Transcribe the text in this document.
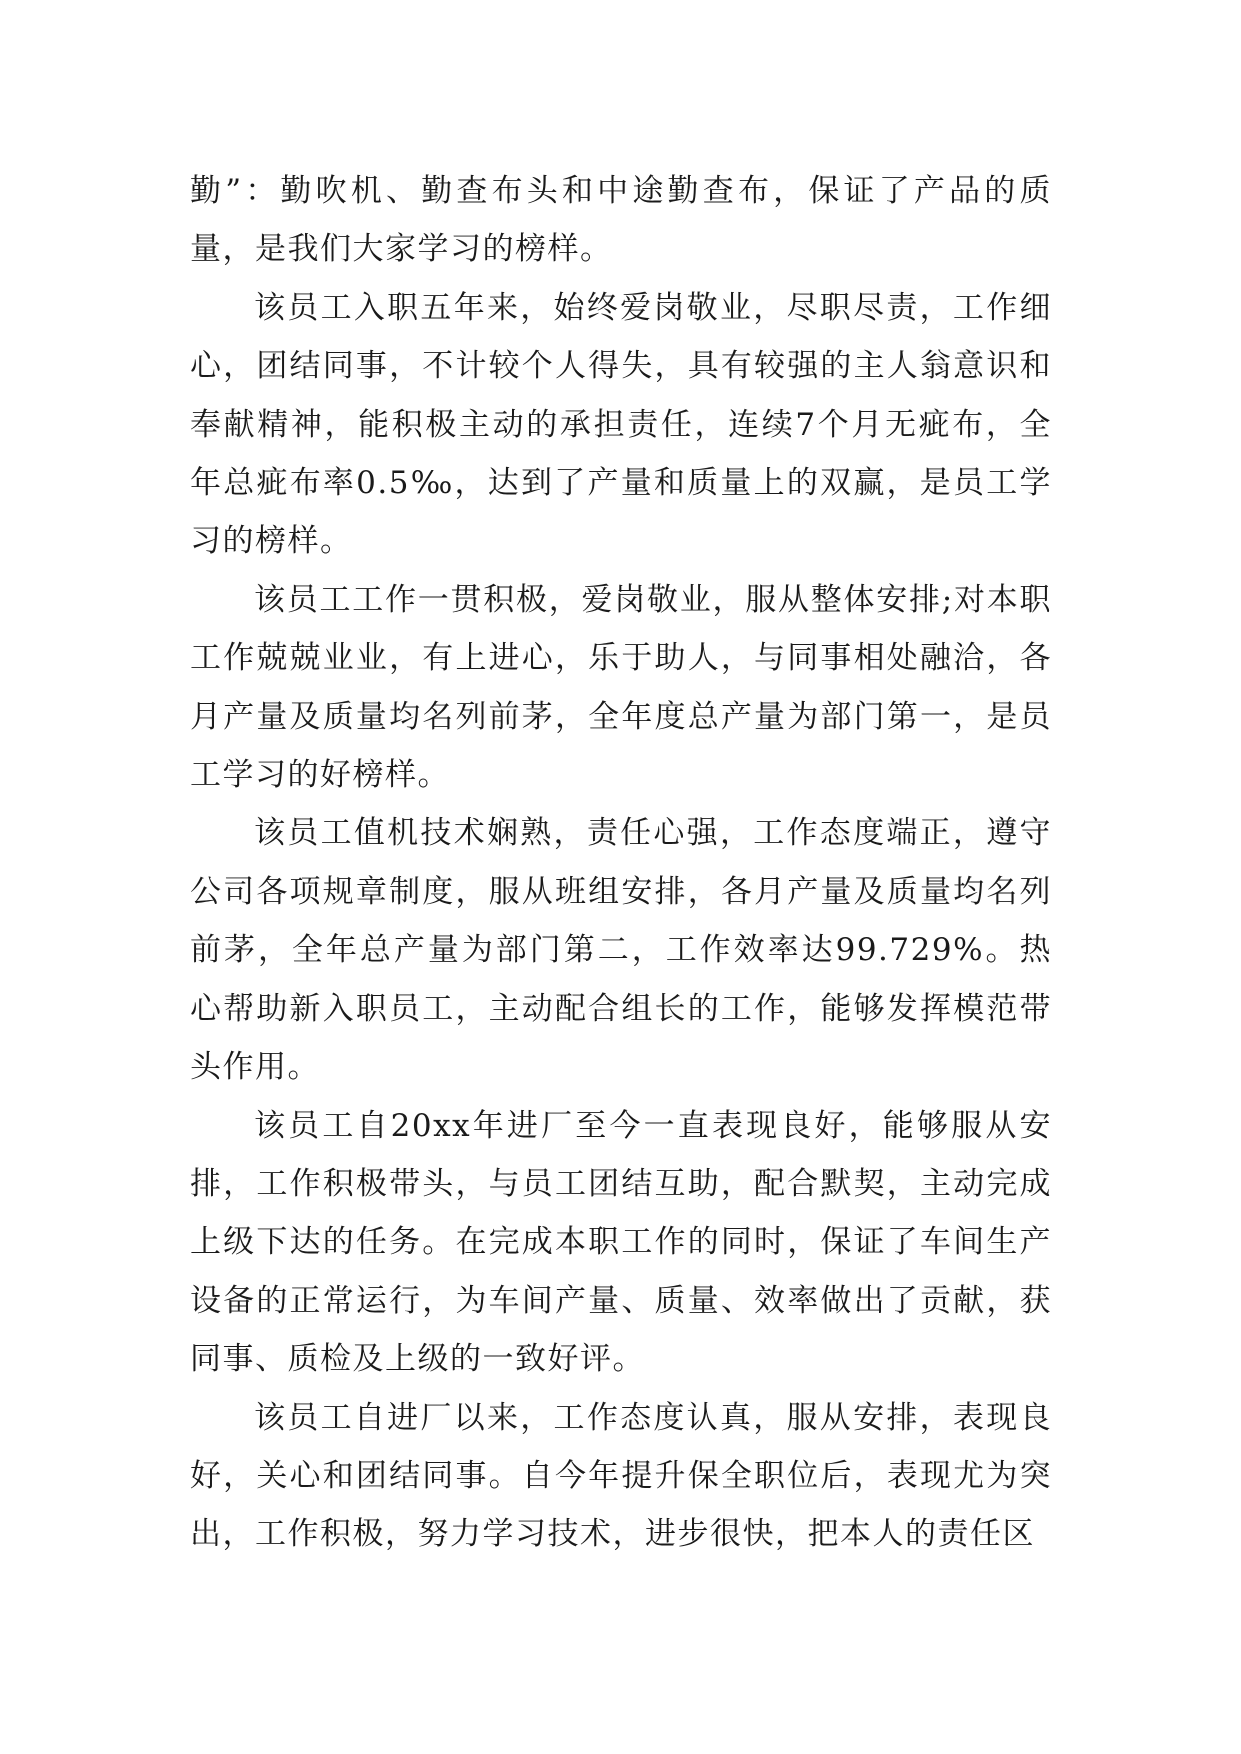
勤”：勤吹机、勤查布头和中途勤查布，保证了产品的质量，是我们大家学习的榜样。

该员工入职五年来，始终爱岗敬业，尽职尽责，工作细心，团结同事，不计较个人得失，具有较强的主人翁意识和奉献精神，能积极主动的承担责任，连续7个月无疵布，全年总疵布率0.5‰，达到了产量和质量上的双赢，是员工学习的榜样。

该员工工作一贯积极，爱岗敬业，服从整体安排;对本职工作兢兢业业，有上进心，乐于助人，与同事相处融洽，各月产量及质量均名列前茅，全年度总产量为部门第一，是员工学习的好榜样。

该员工值机技术娴熟，责任心强，工作态度端正，遵守公司各项规章制度，服从班组安排，各月产量及质量均名列前茅，全年总产量为部门第二，工作效率达99.729%。热心帮助新入职员工，主动配合组长的工作，能够发挥模范带头作用。

该员工自20xx年进厂至今一直表现良好，能够服从安排，工作积极带头，与员工团结互助，配合默契，主动完成上级下达的任务。在完成本职工作的同时，保证了车间生产设备的正常运行，为车间产量、质量、效率做出了贡献，获同事、质检及上级的一致好评。

该员工自进厂以来，工作态度认真，服从安排，表现良好，关心和团结同事。自今年提升保全职位后，表现尤为突出，工作积极，努力学习技术，进步很快，把本人的责任区
